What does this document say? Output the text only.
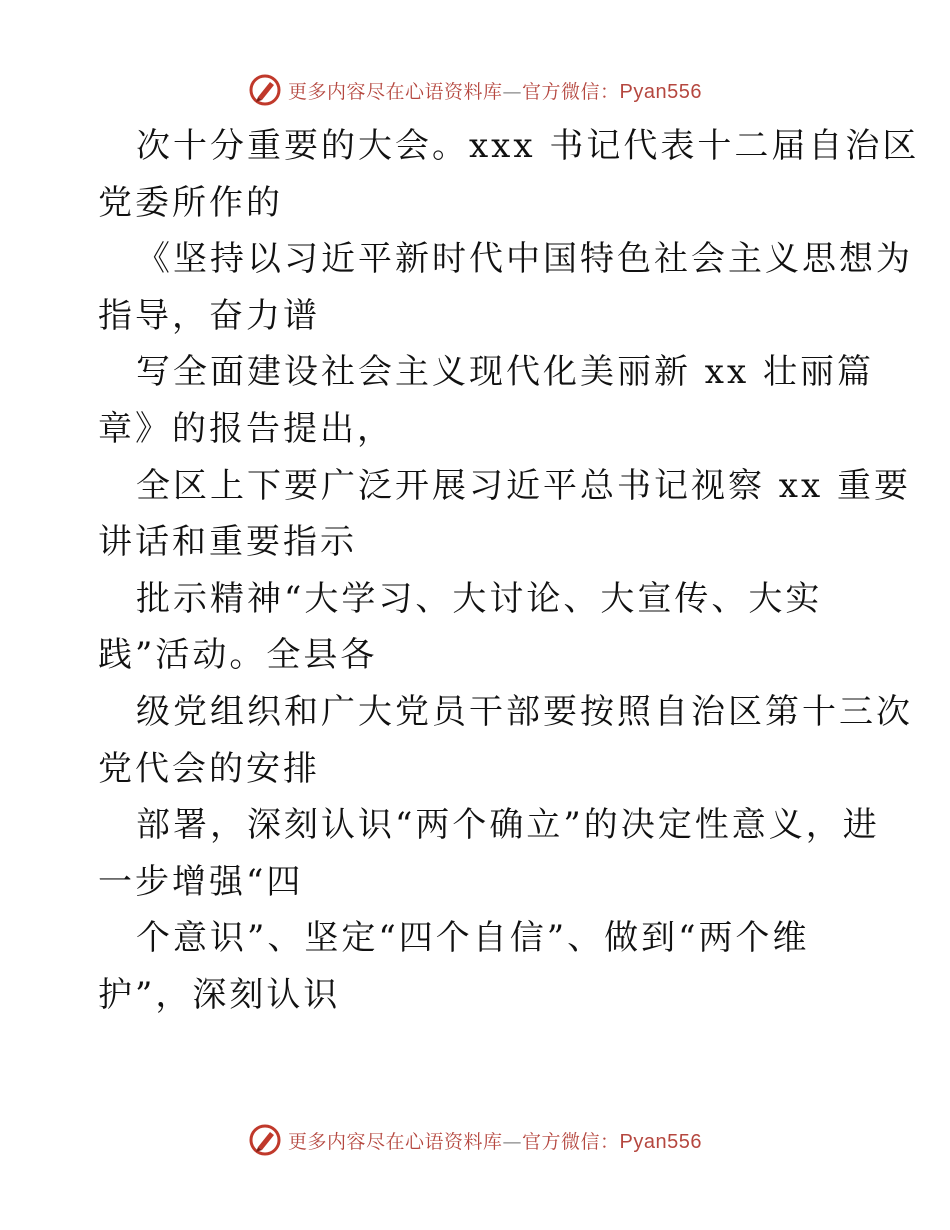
更多内容尽在心语资料库—官方微信：Pyan556
次十分重要的大会。xxx 书记代表十二届自治区
党委所作的
《坚持以习近平新时代中国特色社会主义思想为
指导，奋力谱
写全面建设社会主义现代化美丽新 xx 壮丽篇
章》的报告提出，
全区上下要广泛开展习近平总书记视察 xx 重要
讲话和重要指示
批示精神“大学习、大讨论、大宣传、大实
践”活动。全县各
级党组织和广大党员干部要按照自治区第十三次
党代会的安排
部署，深刻认识“两个确立”的决定性意义，进
一步增强“四
个意识”、坚定“四个自信”、做到“两个维
护”，深刻认识
更多内容尽在心语资料库—官方微信：Pyan556
